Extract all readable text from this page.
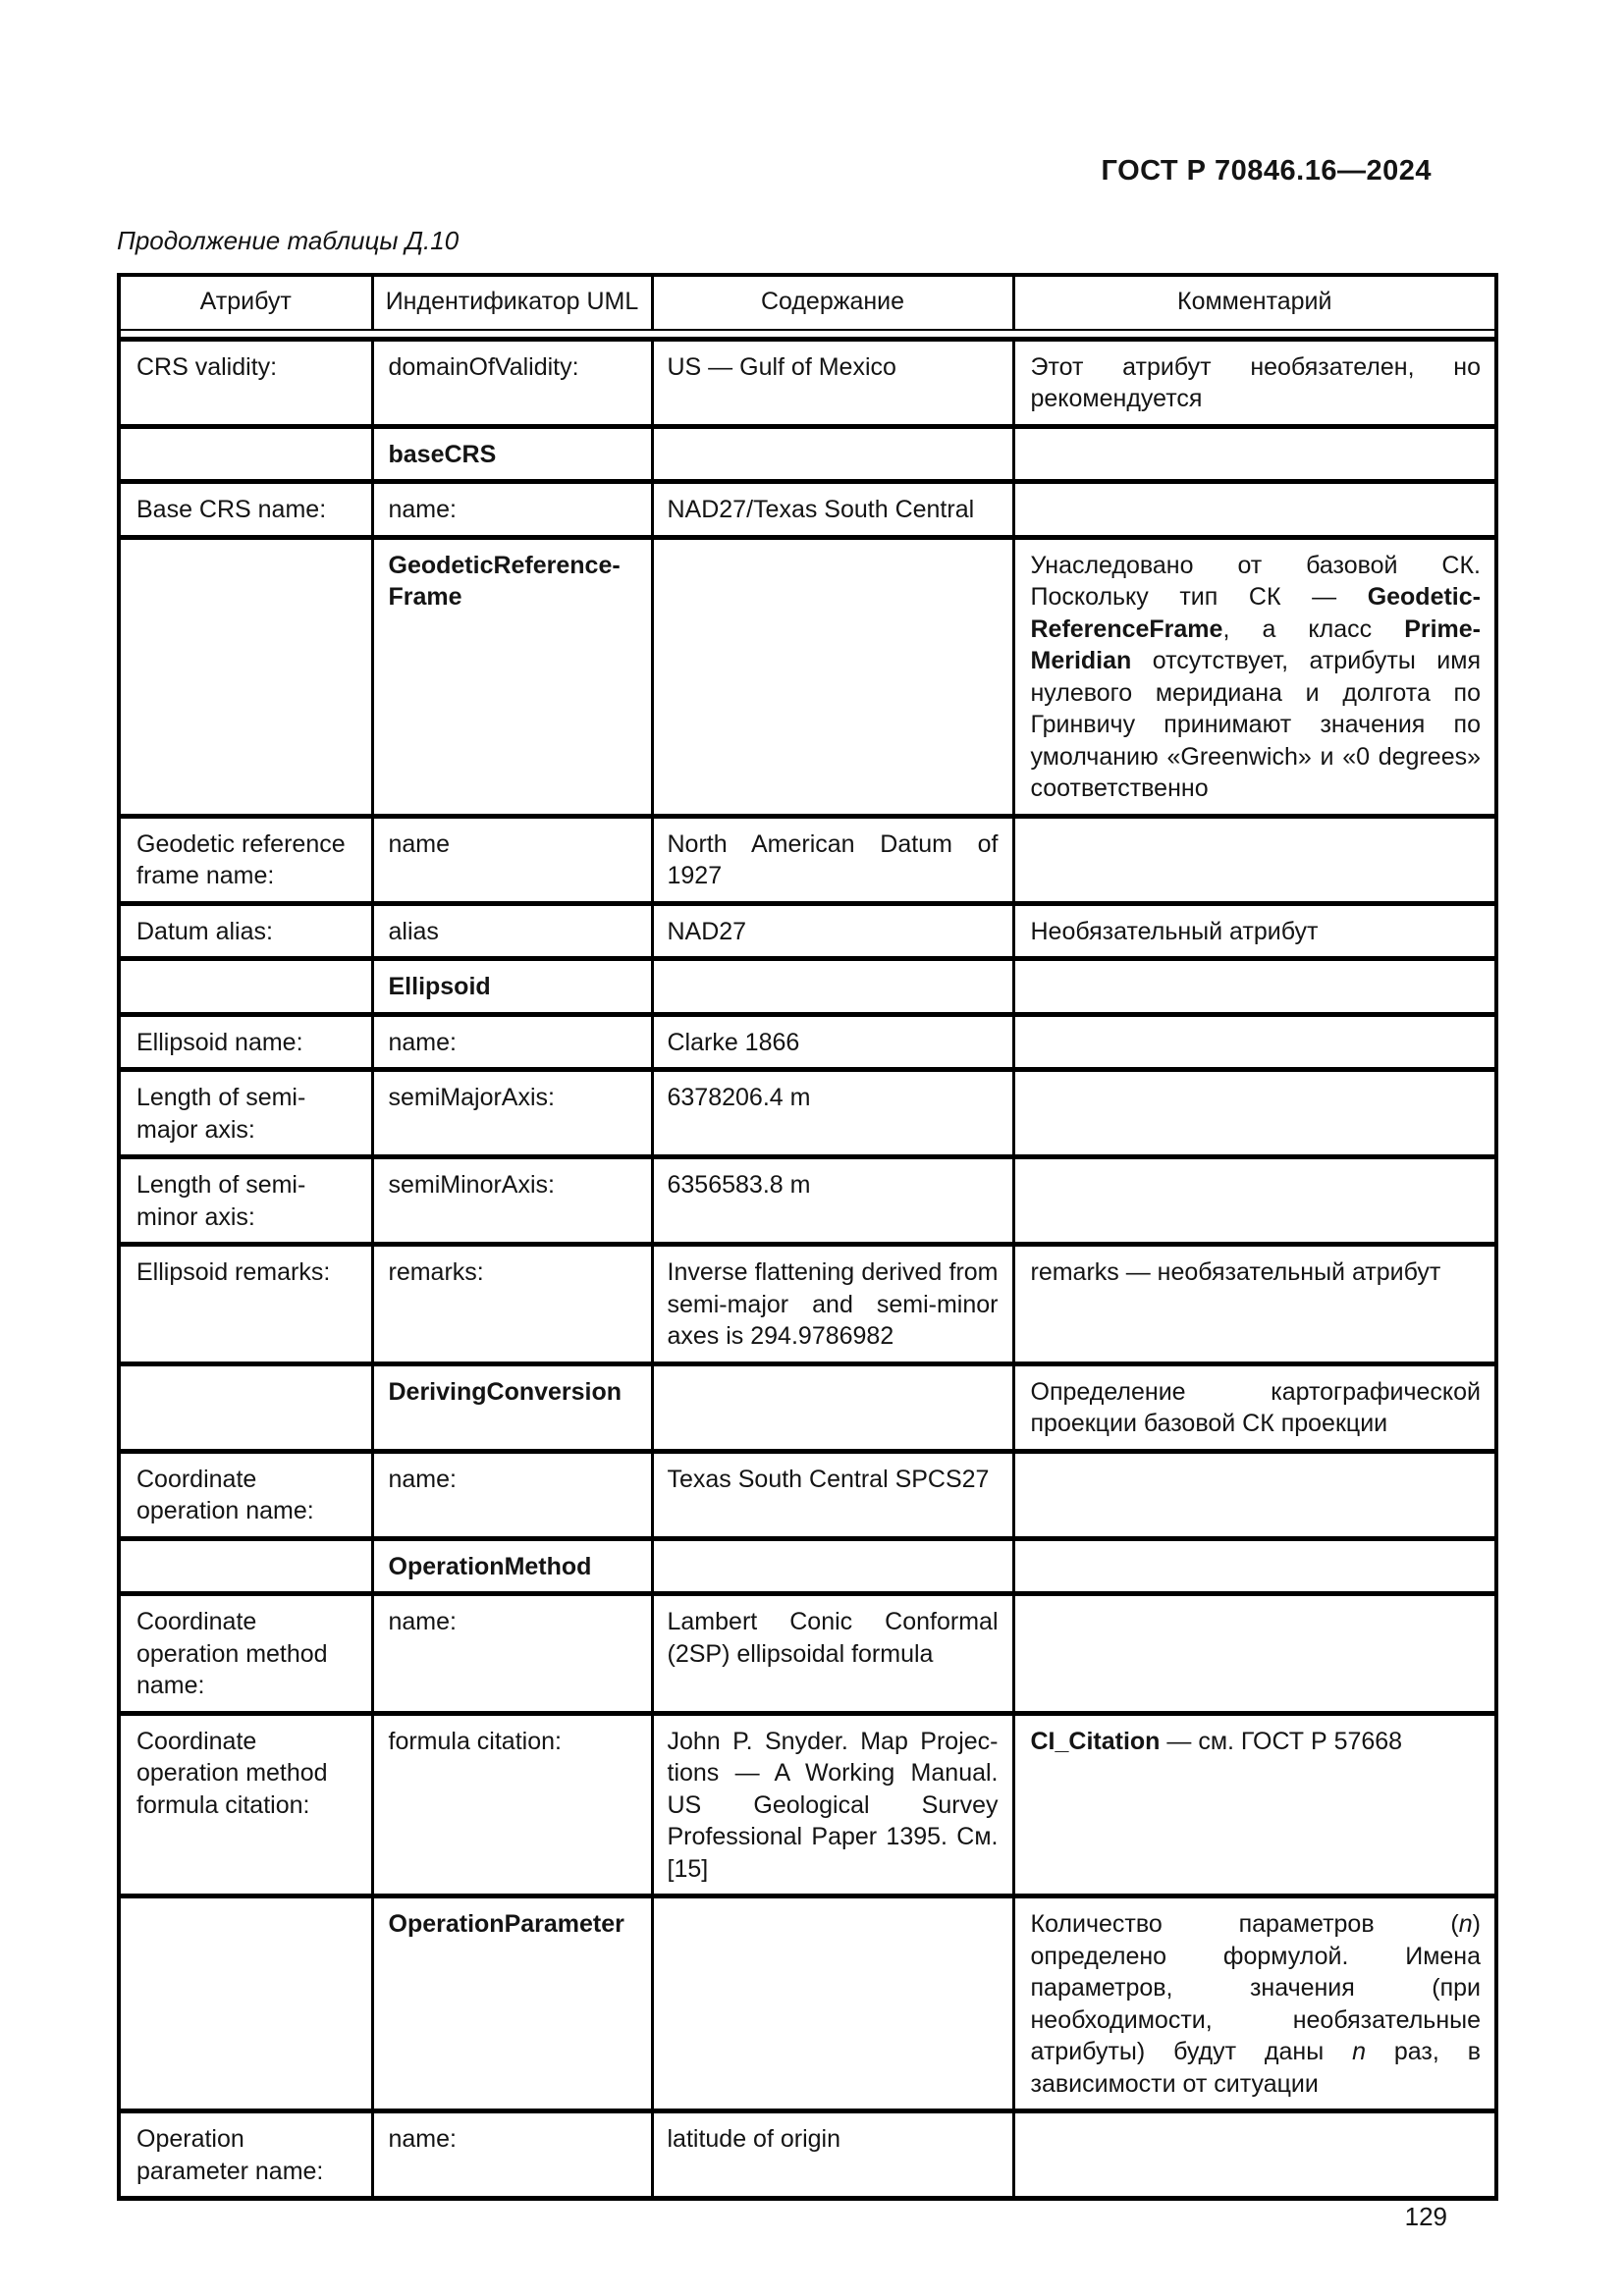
ГОСТ Р 70846.16—2024
Продолжение таблицы Д.10
Атрибут	Индентификатор UML	Содержание	Комментарий

CRS validity:	domainOfValidity:	US — Gulf of Mexico	Этот атрибут необязателен, но рекомендуется
	baseCRS		
Base CRS name:	name:	NAD27/Texas South Central	
	GeodeticReferenceFrame		Унаследовано от базовой СК. Поскольку тип СК — GeodeticReferenceFrame, а класс PrimeMeridian отсутствует, атрибуты имя нулевого меридиана и долгота по Гринвичу принимают значения по умолчанию «Greenwich» и «0 degrees» соответственно
Geodetic reference frame name:	name	North American Datum of 1927	
Datum alias:	alias	NAD27	Необязательный атрибут
	Ellipsoid		
Ellipsoid name:	name:	Clarke 1866	
Length of semi-major axis:	semiMajorAxis:	6378206.4 m	
Length of semi-minor axis:	semiMinorAxis:	6356583.8 m	
Ellipsoid remarks:	remarks:	Inverse flattening derived from semi-major and semi-minor axes is 294.9786982	remarks — необязательный атрибут
	DerivingConversion		Определение картографической проекции базовой СК проекции
Coordinate operation name:	name:	Texas South Central SPCS27	
	OperationMethod		
Coordinate operation method name:	name:	Lambert Conic Conformal (2SP) ellipsoidal formula	
Coordinate operation method formula citation:	formula citation:	John P. Snyder. Map Projections — A Working Manual. US Geological Survey Professional Paper 1395. См. [15]	CI_Citation — см. ГОСТ Р 57668
	OperationParameter		Количество параметров (n) определено формулой. Имена параметров, значения (при необходимости, необязательные атрибуты) будут даны n раз, в зависимости от ситуации
Operation parameter name:	name:	latitude of origin	
129
